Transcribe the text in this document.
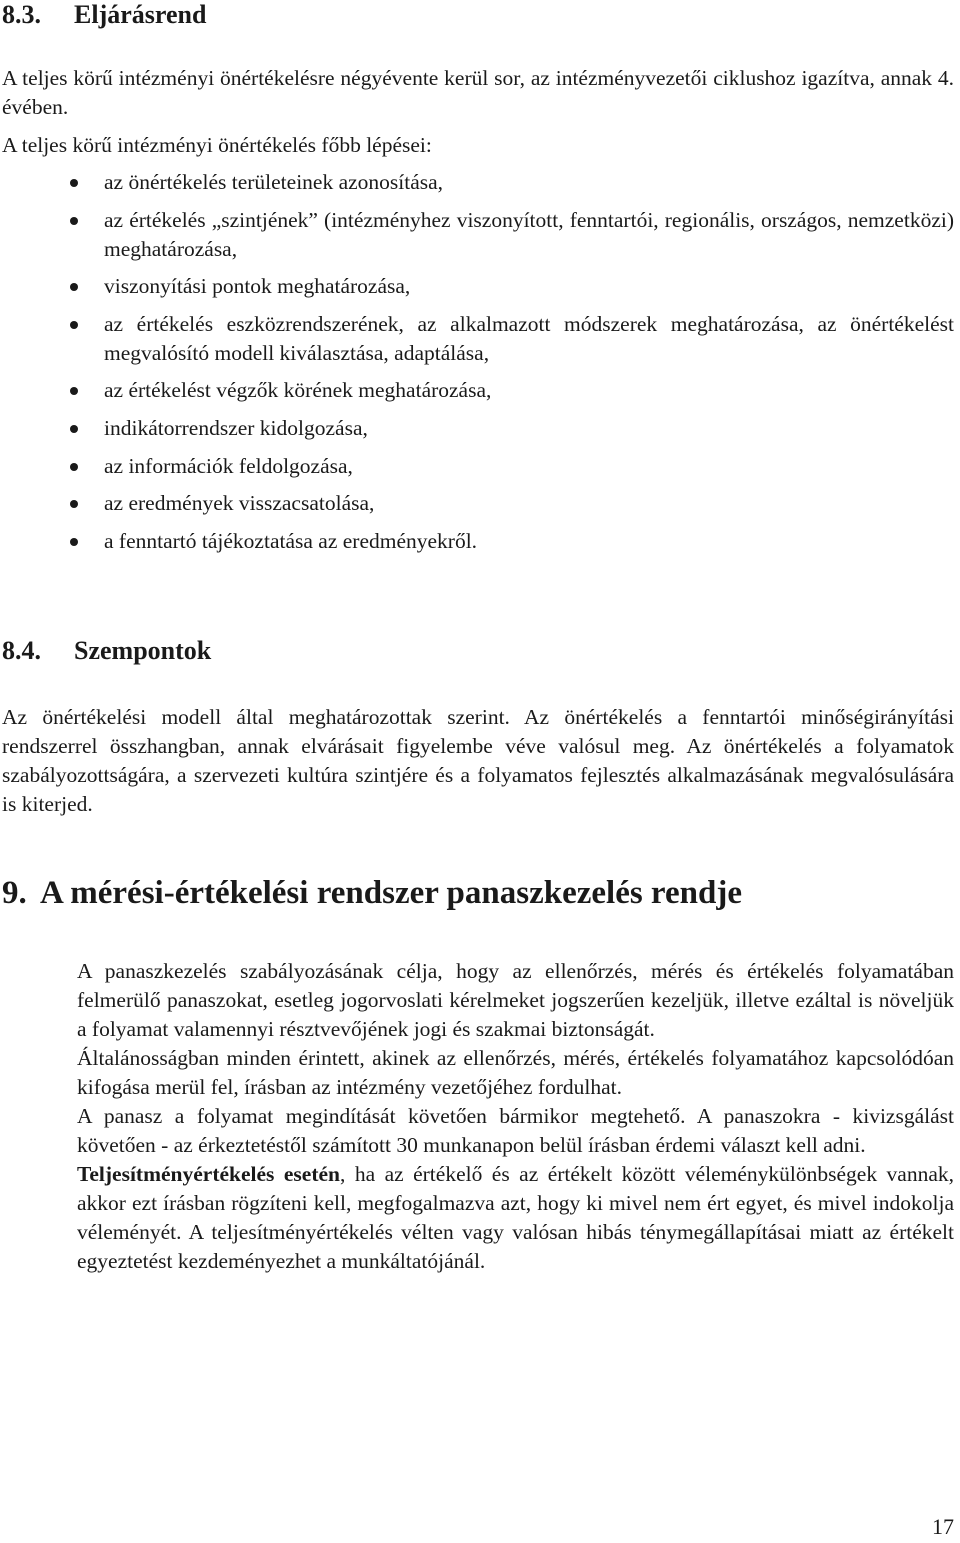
8.3. Eljárásrend

A teljes körű intézményi önértékelésre négyévente kerül sor, az intézményvezetői ciklushoz igazítva, annak 4. évében.

A teljes körű intézményi önértékelés főbb lépései:

az önértékelés területeinek azonosítása,
az értékelés „szintjének” (intézményhez viszonyított, fenntartói, regionális, országos, nemzetközi) meghatározása,
viszonyítási pontok meghatározása,
az értékelés eszközrendszerének, az alkalmazott módszerek meghatározása, az önértékelést megvalósító modell kiválasztása, adaptálása,
az értékelést végzők körének meghatározása,
indikátorrendszer kidolgozása,
az információk feldolgozása,
az eredmények visszacsatolása,
a fenntartó tájékoztatása az eredményekről.
8.4. Szempontok

Az önértékelési modell által meghatározottak szerint. Az önértékelés a fenntartói minőségirányítási rendszerrel összhangban, annak elvárásait figyelembe véve valósul meg. Az önértékelés a folyamatok szabályozottságára, a szervezeti kultúra szintjére és a folyamatos fejlesztés alkalmazásának megvalósulására is kiterjed.

9. A mérési-értékelési rendszer panaszkezelés rendje

A panaszkezelés szabályozásának célja, hogy az ellenőrzés, mérés és értékelés folyamatában felmerülő panaszokat, esetleg jogorvoslati kérelmeket jogszerűen kezeljük, illetve ezáltal is növeljük a folyamat valamennyi résztvevőjének jogi és szakmai biztonságát.
Általánosságban minden érintett, akinek az ellenőrzés, mérés, értékelés folyamatához kapcsolódóan kifogása merül fel, írásban az intézmény vezetőjéhez fordulhat.
A panasz a folyamat megindítását követően bármikor megtehető. A panaszokra - kivizsgálást követően - az érkeztetéstől számított 30 munkanapon belül írásban érdemi választ kell adni.
Teljesítményértékelés esetén, ha az értékelő és az értékelt között véleménykülönbségek vannak, akkor ezt írásban rögzíteni kell, megfogalmazva azt, hogy ki mivel nem ért egyet, és mivel indokolja véleményét. A teljesítményértékelés vélten vagy valósan hibás ténymegállapításai miatt az értékelt egyeztetést kezdeményezhet a munkáltatójánál.

17
